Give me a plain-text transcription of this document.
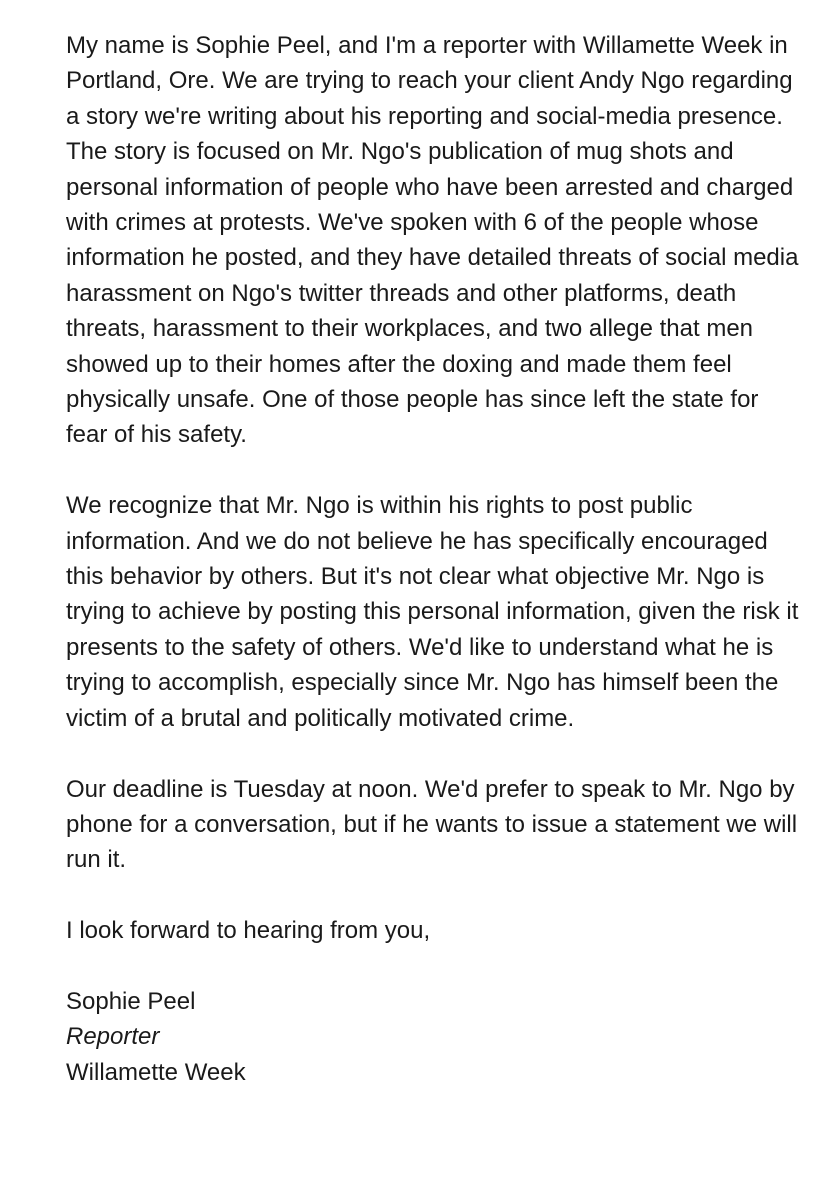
My name is Sophie Peel, and I'm a reporter with Willamette Week in Portland, Ore. We are trying to reach your client Andy Ngo regarding a story we're writing about his reporting and social-media presence. The story is focused on Mr. Ngo's publication of mug shots and personal information of people who have been arrested and charged with crimes at protests. We've spoken with 6 of the people whose information he posted, and they have detailed threats of social media harassment on Ngo's twitter threads and other platforms, death threats, harassment to their workplaces, and two allege that men showed up to their homes after the doxing and made them feel physically unsafe. One of those people has since left the state for fear of his safety.

We recognize that Mr. Ngo is within his rights to post public information. And we do not believe he has specifically encouraged this behavior by others. But it's not clear what objective Mr. Ngo is trying to achieve by posting this personal information, given the risk it presents to the safety of others. We'd like to understand what he is trying to accomplish, especially since Mr. Ngo has himself been the victim of a brutal and politically motivated crime.

Our deadline is Tuesday at noon. We'd prefer to speak to Mr. Ngo by phone for a conversation, but if he wants to issue a statement we will run it.

I look forward to hearing from you,

Sophie Peel
Reporter
Willamette Week
